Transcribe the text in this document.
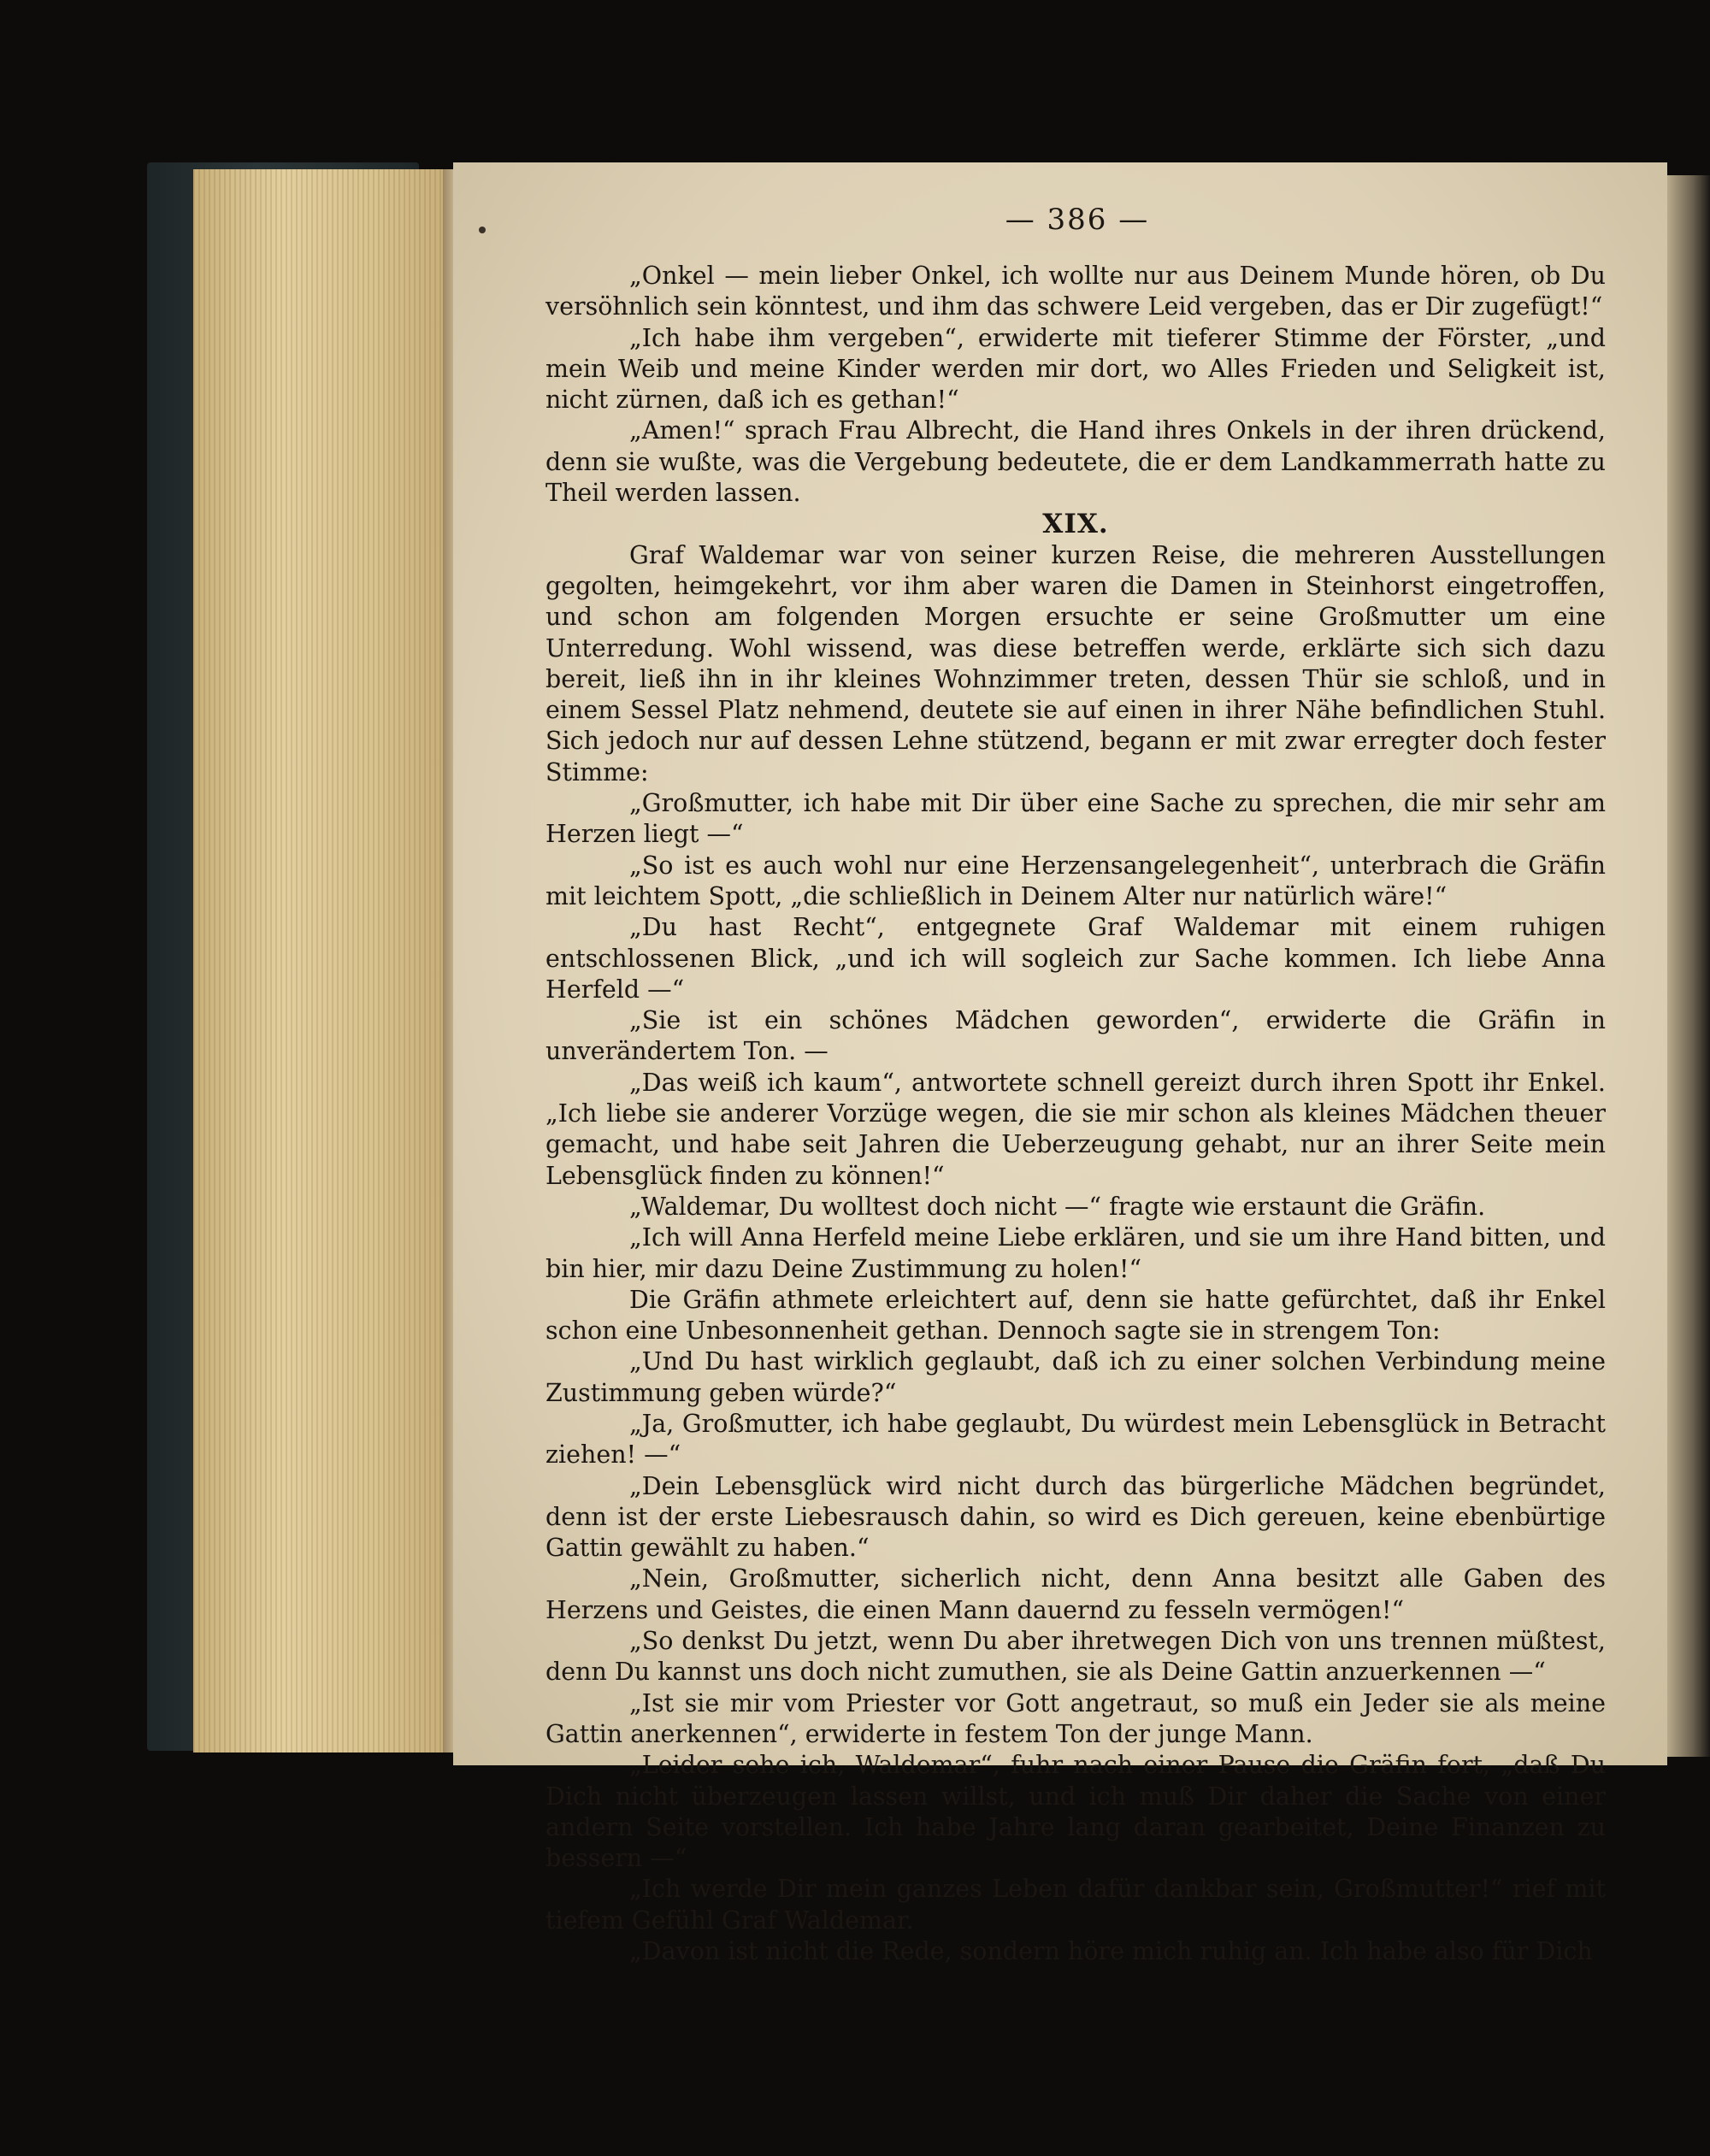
— 386 —

„Onkel — mein lieber Onkel, ich wollte nur aus Deinem Munde hören, ob Du versöhnlich sein könntest, und ihm das schwere Leid vergeben, das er Dir zugefügt!“

„Ich habe ihm vergeben“, erwiderte mit tieferer Stimme der Förster, „und mein Weib und meine Kinder werden mir dort, wo Alles Frieden und Seligkeit ist, nicht zürnen, daß ich es gethan!“

„Amen!“ sprach Frau Albrecht, die Hand ihres Onkels in der ihren drückend, denn sie wußte, was die Vergebung bedeutete, die er dem Landkammerrath hatte zu Theil werden lassen.

XIX.

Graf Waldemar war von seiner kurzen Reise, die mehreren Ausstellungen gegolten, heimgekehrt, vor ihm aber waren die Damen in Steinhorst eingetroffen, und schon am folgenden Morgen ersuchte er seine Großmutter um eine Unterredung. Wohl wissend, was diese betreffen werde, erklärte sich sich dazu bereit, ließ ihn in ihr kleines Wohnzimmer treten, dessen Thür sie schloß, und in einem Sessel Platz nehmend, deutete sie auf einen in ihrer Nähe befindlichen Stuhl. Sich jedoch nur auf dessen Lehne stützend, begann er mit zwar erregter doch fester Stimme:

„Großmutter, ich habe mit Dir über eine Sache zu sprechen, die mir sehr am Herzen liegt —“

„So ist es auch wohl nur eine Herzensangelegenheit“, unterbrach die Gräfin mit leichtem Spott, „die schließlich in Deinem Alter nur natürlich wäre!“

„Du hast Recht“, entgegnete Graf Waldemar mit einem ruhigen entschlossenen Blick, „und ich will sogleich zur Sache kommen. Ich liebe Anna Herfeld —“

„Sie ist ein schönes Mädchen geworden“, erwiderte die Gräfin in unverändertem Ton. —

„Das weiß ich kaum“, antwortete schnell gereizt durch ihren Spott ihr Enkel. „Ich liebe sie anderer Vorzüge wegen, die sie mir schon als kleines Mädchen theuer gemacht, und habe seit Jahren die Ueberzeugung gehabt, nur an ihrer Seite mein Lebensglück finden zu können!“

„Waldemar, Du wolltest doch nicht —“ fragte wie erstaunt die Gräfin.

„Ich will Anna Herfeld meine Liebe erklären, und sie um ihre Hand bitten, und bin hier, mir dazu Deine Zustimmung zu holen!“

Die Gräfin athmete erleichtert auf, denn sie hatte gefürchtet, daß ihr Enkel schon eine Unbesonnenheit gethan. Dennoch sagte sie in strengem Ton:

„Und Du hast wirklich geglaubt, daß ich zu einer solchen Verbindung meine Zustimmung geben würde?“

„Ja, Großmutter, ich habe geglaubt, Du würdest mein Lebensglück in Betracht ziehen! —“

„Dein Lebensglück wird nicht durch das bürgerliche Mädchen begründet, denn ist der erste Liebesrausch dahin, so wird es Dich gereuen, keine ebenbürtige Gattin gewählt zu haben.“

„Nein, Großmutter, sicherlich nicht, denn Anna besitzt alle Gaben des Herzens und Geistes, die einen Mann dauernd zu fesseln vermögen!“

„So denkst Du jetzt, wenn Du aber ihretwegen Dich von uns trennen müßtest, denn Du kannst uns doch nicht zumuthen, sie als Deine Gattin anzuerkennen —“

„Ist sie mir vom Priester vor Gott angetraut, so muß ein Jeder sie als meine Gattin anerkennen“, erwiderte in festem Ton der junge Mann.

„Leider sehe ich, Waldemar“, fuhr nach einer Pause die Gräfin fort, „daß Du Dich nicht überzeugen lassen willst, und ich muß Dir daher die Sache von einer andern Seite vorstellen. Ich habe Jahre lang daran gearbeitet, Deine Finanzen zu bessern —“

„Ich werde Dir mein ganzes Leben dafür dankbar sein, Großmutter!“ rief mit tiefem Gefühl Graf Waldemar.

„Davon ist nicht die Rede, sondern höre mich ruhig an. Ich habe also für Dich
